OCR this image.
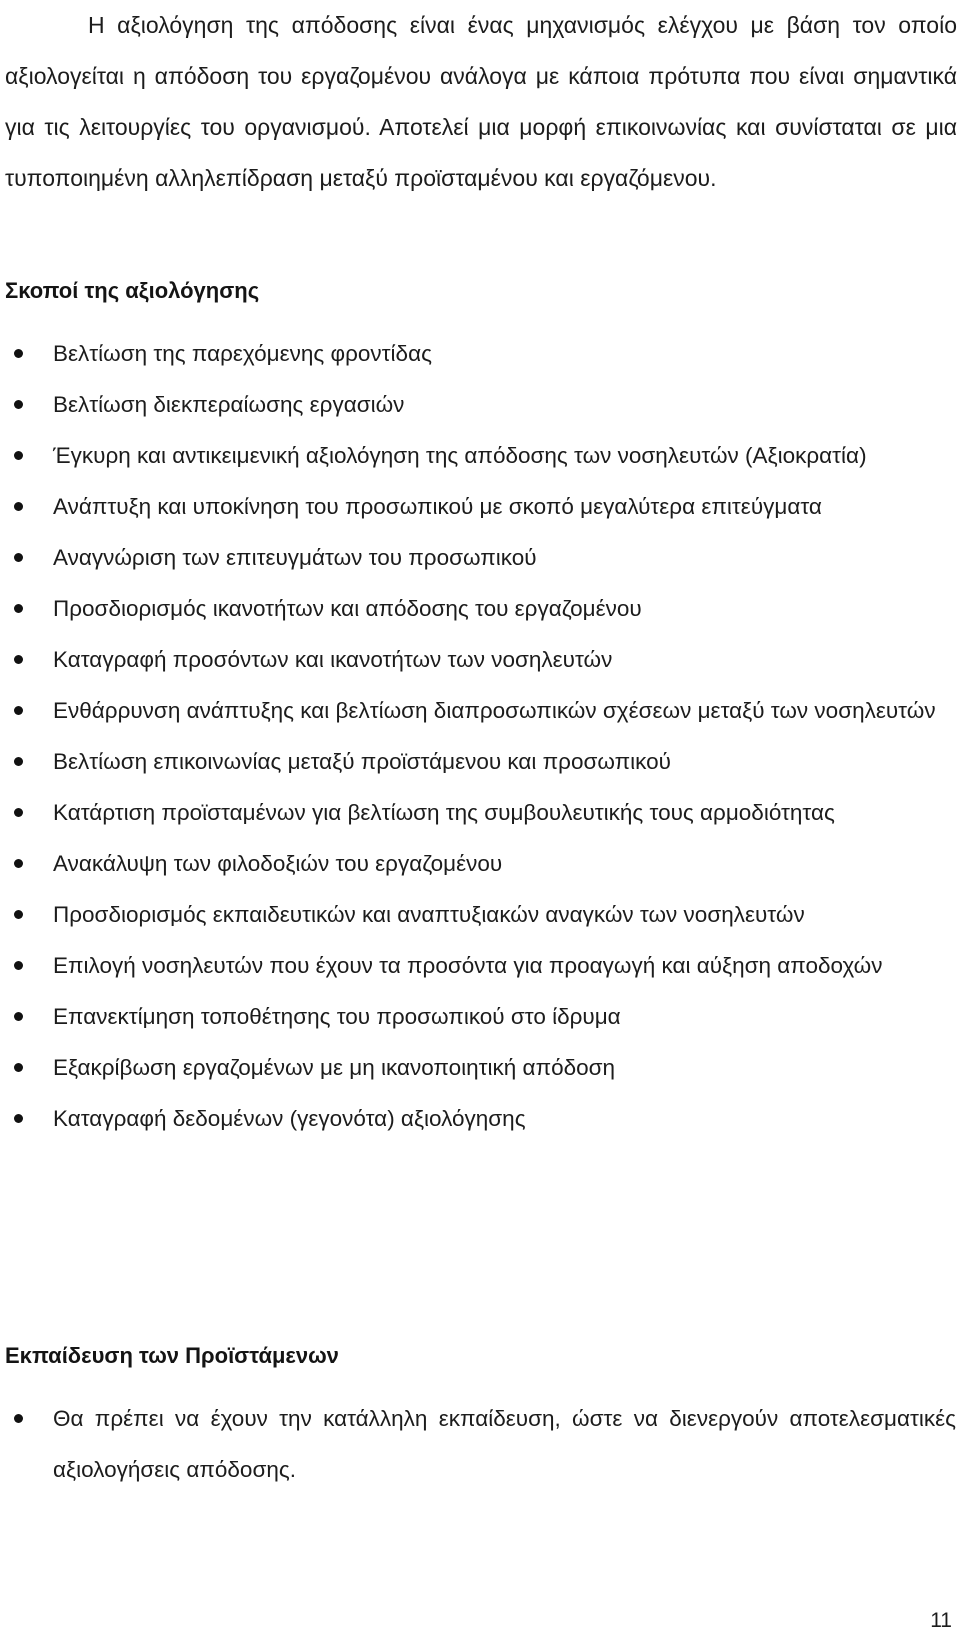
Η αξιολόγηση της απόδοσης είναι ένας μηχανισμός ελέγχου με βάση τον οποίο αξιολογείται η απόδοση του εργαζομένου ανάλογα με κάποια πρότυπα που είναι σημαντικά για τις λειτουργίες του οργανισμού. Αποτελεί μια μορφή επικοινωνίας και συνίσταται σε μια τυποποιημένη αλληλεπίδραση μεταξύ προϊσταμένου και εργαζόμενου.

Σκοποί της αξιολόγησης
Βελτίωση της παρεχόμενης φροντίδας
Βελτίωση διεκπεραίωσης εργασιών
Έγκυρη και αντικειμενική αξιολόγηση της απόδοσης των νοσηλευτών (Αξιοκρατία)
Ανάπτυξη και υποκίνηση του προσωπικού με σκοπό μεγαλύτερα επιτεύγματα
Αναγνώριση των επιτευγμάτων του προσωπικού
Προσδιορισμός ικανοτήτων και απόδοσης του εργαζομένου
Καταγραφή προσόντων και ικανοτήτων των νοσηλευτών
Ενθάρρυνση ανάπτυξης και βελτίωση διαπροσωπικών σχέσεων μεταξύ των νοσηλευτών
Βελτίωση επικοινωνίας μεταξύ προϊστάμενου και προσωπικού
Κατάρτιση προϊσταμένων για βελτίωση της συμβουλευτικής τους αρμοδιότητας
Ανακάλυψη των φιλοδοξιών του εργαζομένου
Προσδιορισμός εκπαιδευτικών και αναπτυξιακών αναγκών των νοσηλευτών
Επιλογή νοσηλευτών που έχουν τα προσόντα για προαγωγή και αύξηση αποδοχών
Επανεκτίμηση τοποθέτησης του προσωπικού στο ίδρυμα
Εξακρίβωση εργαζομένων με μη ικανοποιητική απόδοση
Καταγραφή δεδομένων (γεγονότα) αξιολόγησης
Εκπαίδευση των Προϊστάμενων
Θα πρέπει να έχουν την κατάλληλη εκπαίδευση, ώστε να διενεργούν αποτελεσματικές αξιολογήσεις απόδοσης.
11
